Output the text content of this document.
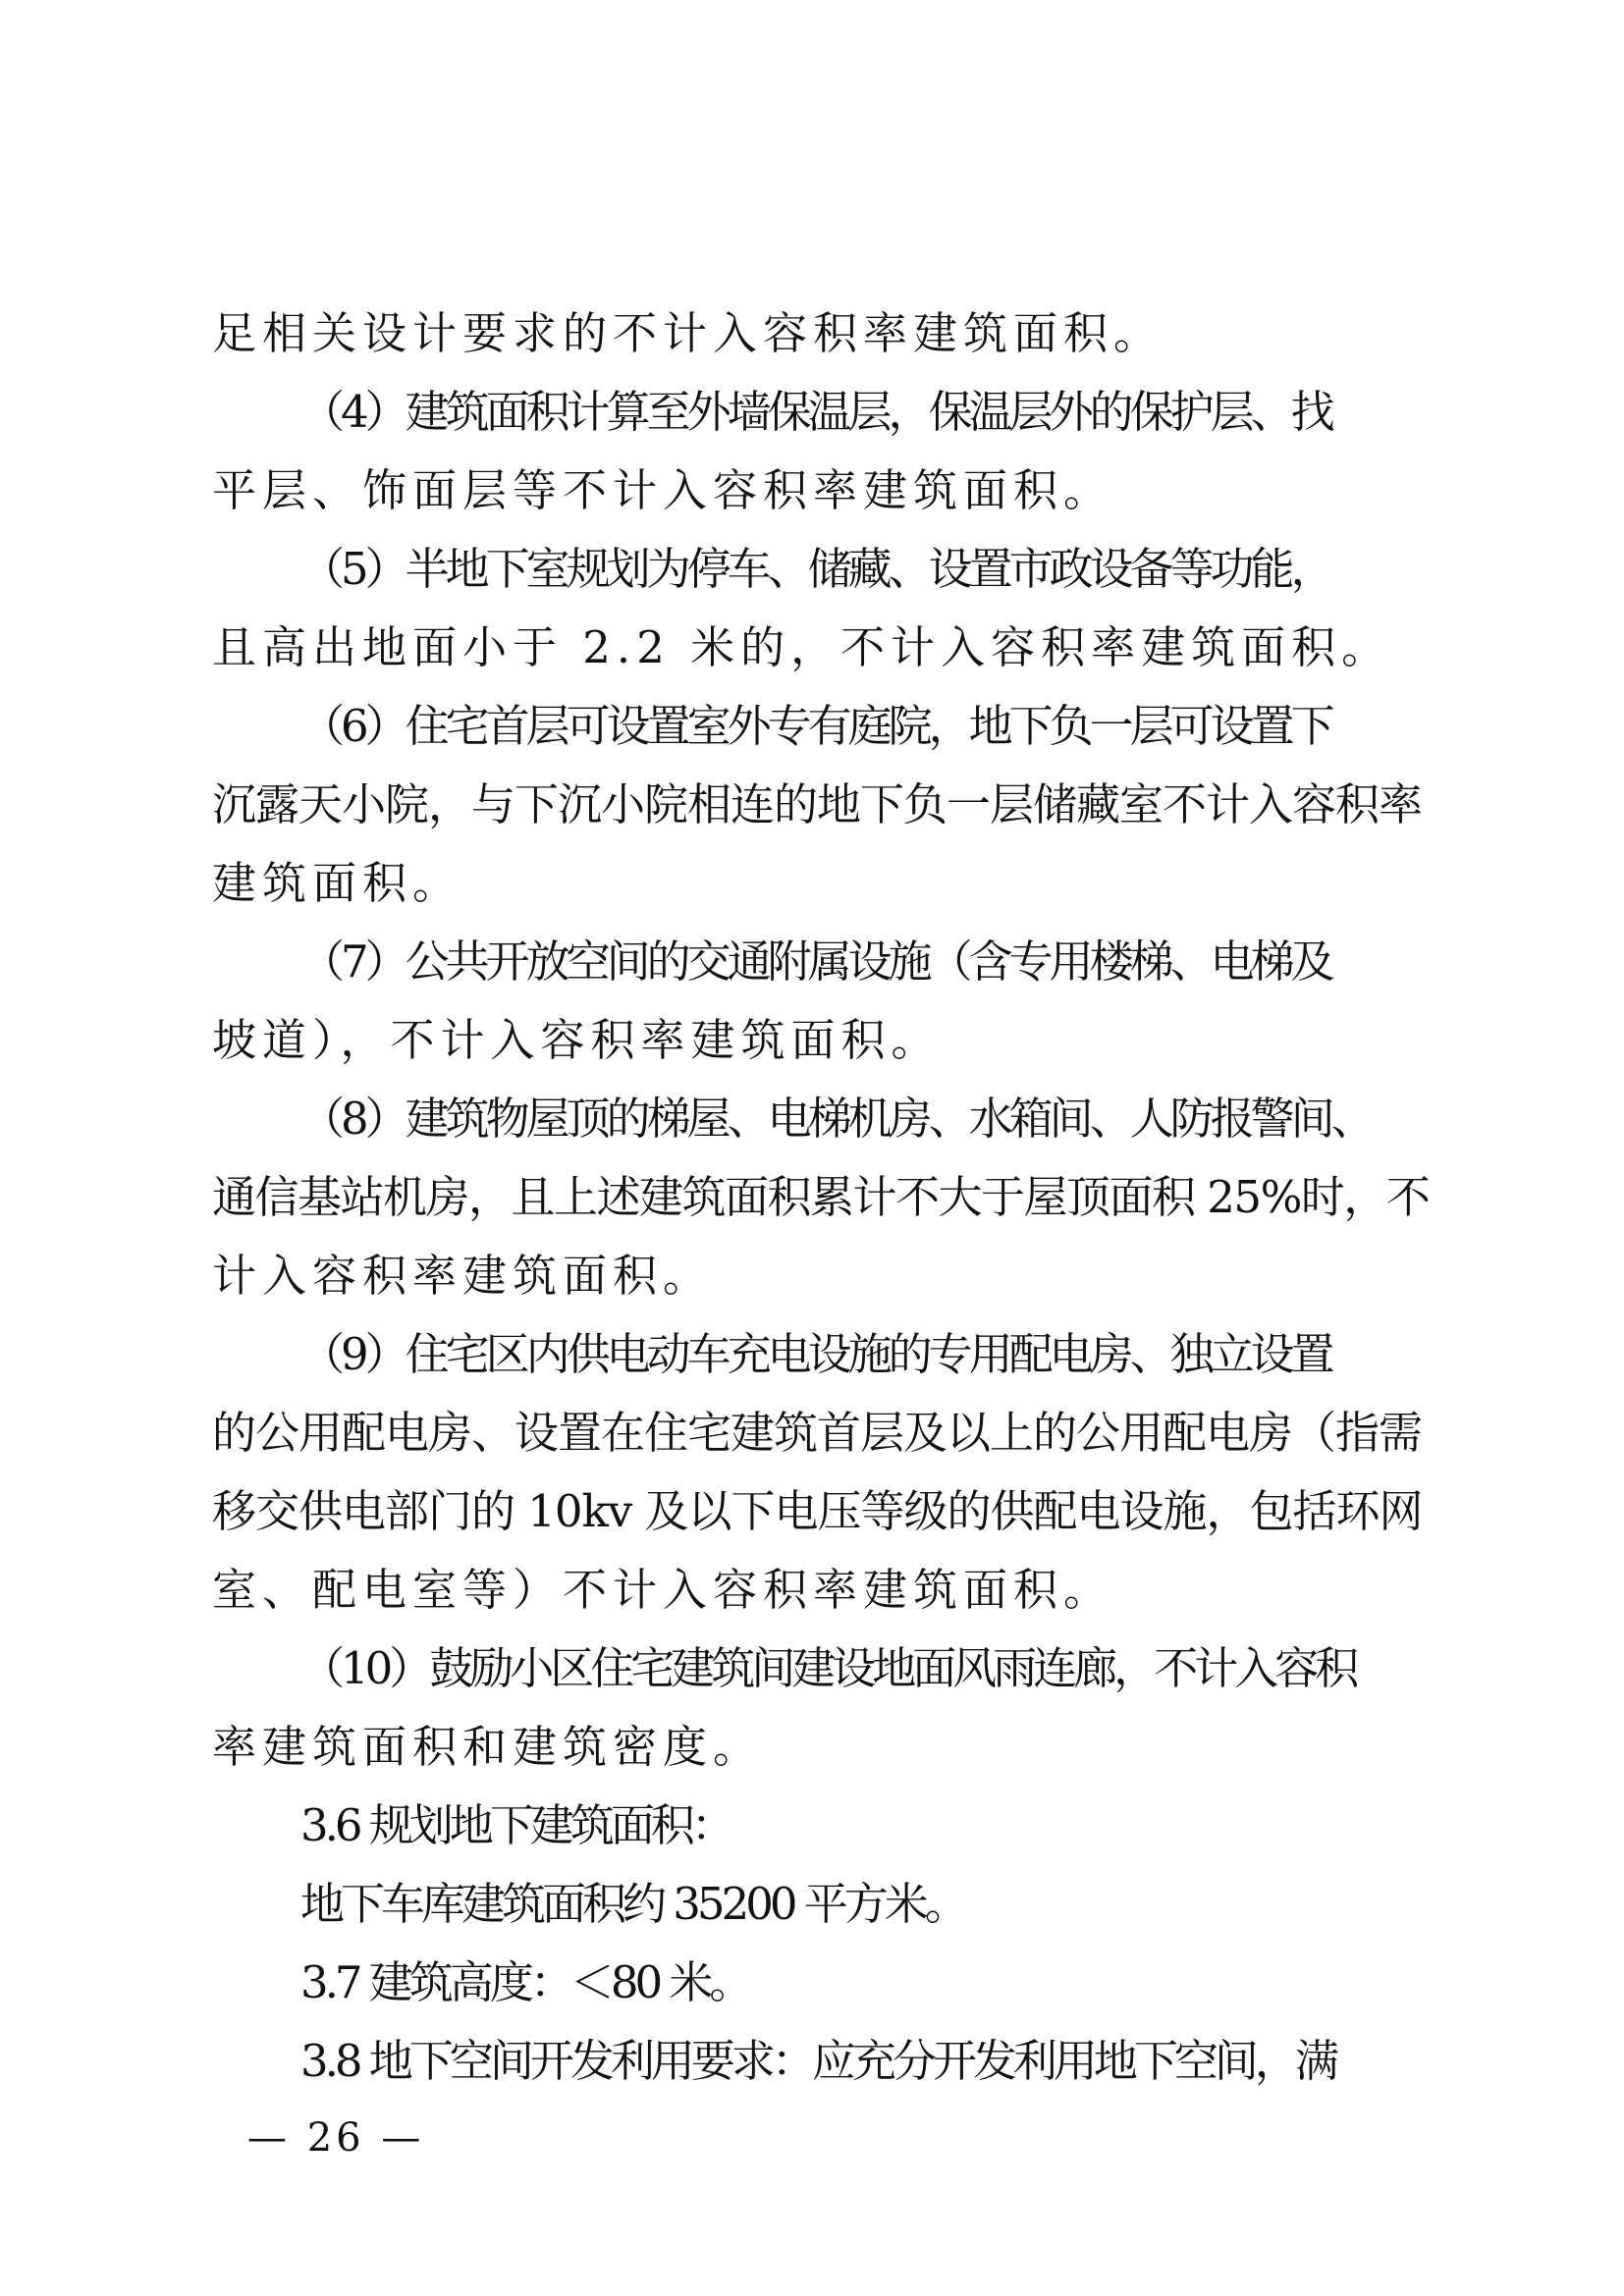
足相关设计要求的不计入容积率建筑面积。
（4）建筑面积计算至外墙保温层，保温层外的保护层、找
平层、饰面层等不计入容积率建筑面积。
（5）半地下室规划为停车、储藏、设置市政设备等功能，
且高出地面小于 2.2 米的，不计入容积率建筑面积。
（6）住宅首层可设置室外专有庭院，地下负一层可设置下
沉露天小院，与下沉小院相连的地下负一层储藏室不计入容积率
建筑面积。
（7）公共开放空间的交通附属设施（含专用楼梯、电梯及
坡道），不计入容积率建筑面积。
（8）建筑物屋顶的梯屋、电梯机房、水箱间、人防报警间、
通信基站机房，且上述建筑面积累计不大于屋顶面积 25%时，不
计入容积率建筑面积。
（9）住宅区内供电动车充电设施的专用配电房、独立设置
的公用配电房、设置在住宅建筑首层及以上的公用配电房（指需
移交供电部门的 10kv 及以下电压等级的供配电设施，包括环网
室、配电室等）不计入容积率建筑面积。
（10）鼓励小区住宅建筑间建设地面风雨连廊，不计入容积
率建筑面积和建筑密度。
3.6 规划地下建筑面积：
地下车库建筑面积约 35200 平方米。
3.7 建筑高度：＜80 米。
3.8 地下空间开发利用要求：应充分开发利用地下空间，满
— 26 —
